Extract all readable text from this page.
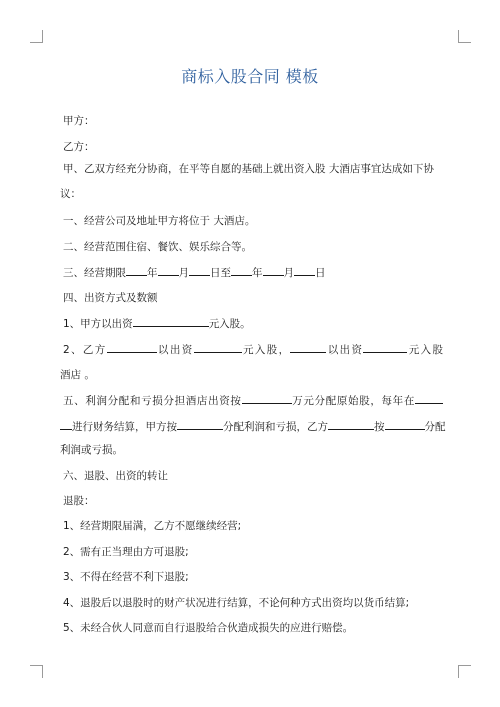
商标入股合同 模板
甲方：
乙方：
甲、乙双方经充分协商，在平等自愿的基础上就出资入股 大酒店事宜达成如下协
议：
一、经营公司及地址甲方将位于 大酒店。
二、经营范围住宿、餐饮、娱乐综合等。
三、经营期限 年 月 日至 年 月 日
四、出资方式及数额
1、甲方以出资	元入股。
2、乙方	以出资	元入股，	以出资	元入股
酒店 。
五、利润分配和亏损分担酒店出资按	万元分配原始股，每年在
进行财务结算，甲方按	分配利润和亏损，乙方	按	分配
利润或亏损。
六、退股、出资的转让
退股：
1、经营期限届满，乙方不愿继续经营;
2、需有正当理由方可退股;
3、不得在经营不利下退股;
4、退股后以退股时的财产状况进行结算，不论何种方式出资均以货币结算;
5、未经合伙人同意而自行退股给合伙造成损失的应进行赔偿。
